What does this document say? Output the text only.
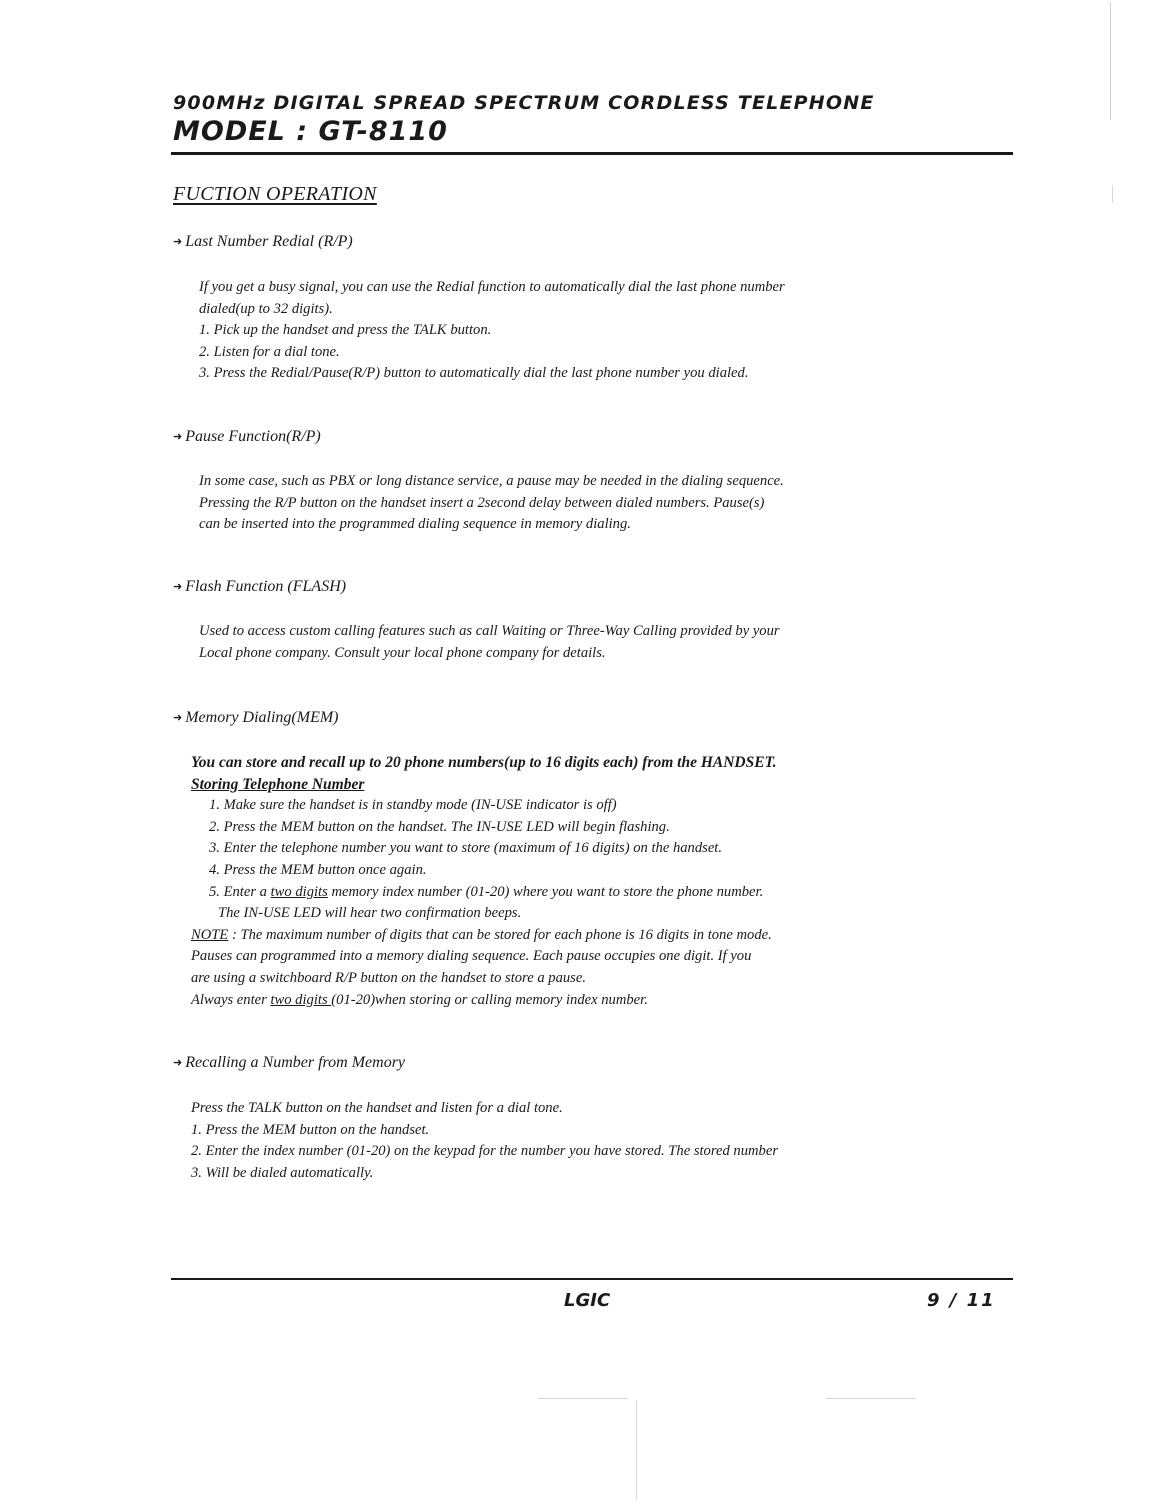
900MHz DIGITAL SPREAD SPECTRUM CORDLESS TELEPHONE
MODEL : GT-8110
FUCTION OPERATION
➜ Last Number Redial (R/P)
If you get a busy signal, you can use the Redial function to automatically dial the last phone number
dialed(up to 32 digits).
1. Pick up the handset and press the TALK button.
2. Listen for a dial tone.
3. Press the Redial/Pause(R/P) button to automatically dial the last phone number you dialed.
➜ Pause Function(R/P)
In some case, such as PBX or long distance service, a pause may be needed in the dialing sequence.
Pressing the R/P button on the handset insert a 2second delay between dialed numbers. Pause(s)
can be inserted into the programmed dialing sequence in memory dialing.
➜ Flash Function (FLASH)
Used to access custom calling features such as call Waiting or Three-Way Calling provided by your
Local phone company. Consult your local phone company for details.
➜ Memory Dialing(MEM)
You can store and recall up to 20 phone numbers(up to 16 digits each) from the HANDSET.
Storing Telephone Number
1. Make sure the handset is in standby mode (IN-USE indicator is off)
2. Press the MEM button on the handset. The IN-USE LED will begin flashing.
3. Enter the telephone number you want to store (maximum of 16 digits) on the handset.
4. Press the MEM button once again.
5. Enter a two digits memory index number (01-20) where you want to store the phone number.
The IN-USE LED will hear two confirmation beeps.
NOTE : The maximum number of digits that can be stored for each phone is 16 digits in tone mode.
Pauses can programmed into a memory dialing sequence. Each pause occupies one digit. If you
are using a switchboard R/P button on the handset to store a pause.
Always enter two digits (01-20)when storing or calling memory index number.
➜ Recalling a Number from Memory
Press the TALK button on the handset and listen for a dial tone.
1. Press the MEM button on the handset.
2. Enter the index number (01-20) on the keypad for the number you have stored. The stored number
3. Will be dialed automatically.
LGIC	9 / 11
